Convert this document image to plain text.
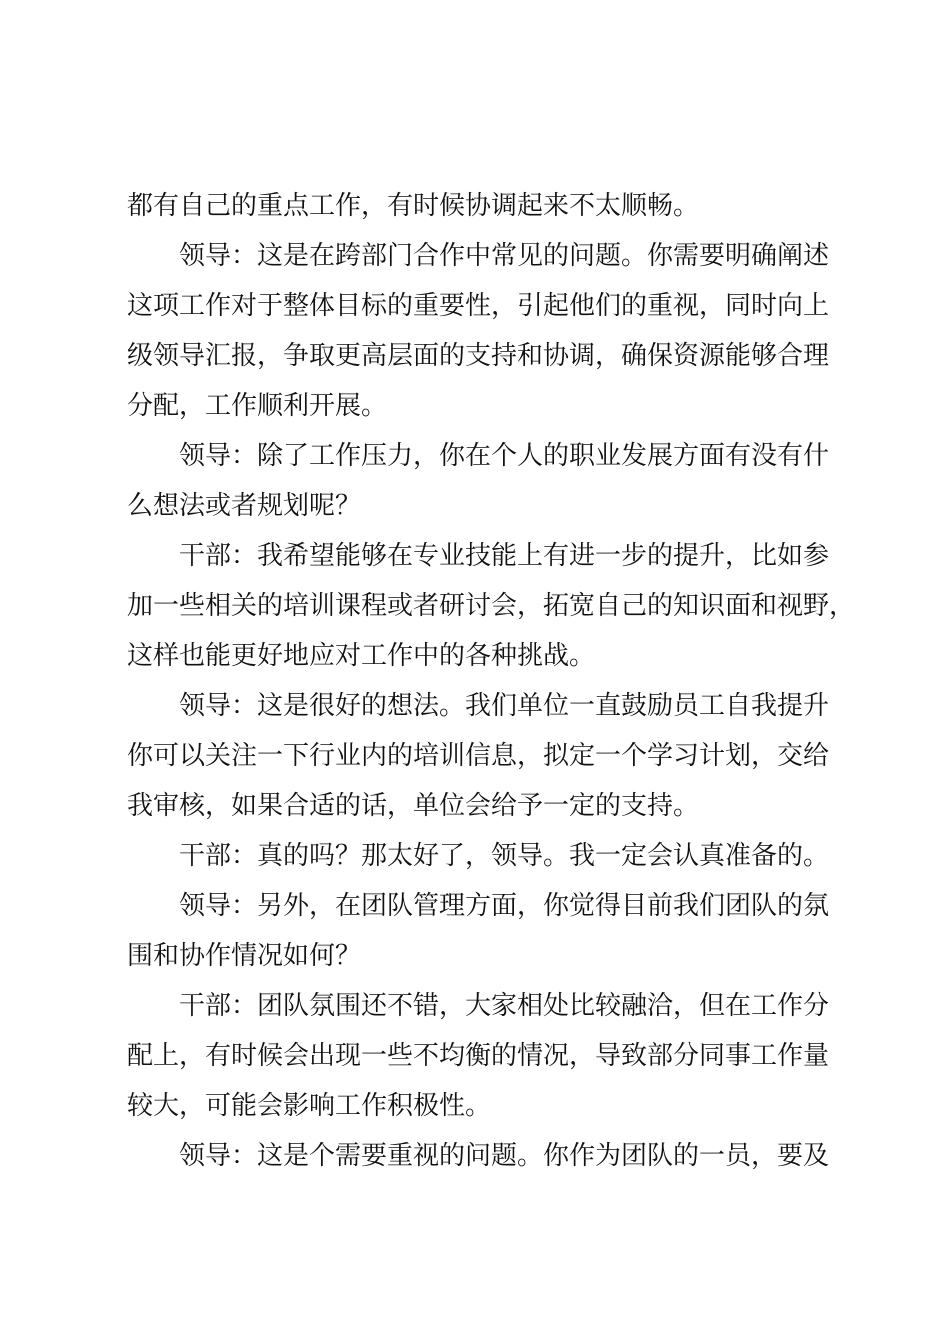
都有自己的重点工作，有时候协调起来不太顺畅。
领导：这是在跨部门合作中常见的问题。你需要明确阐述
这项工作对于整体目标的重要性，引起他们的重视，同时向上
级领导汇报，争取更高层面的支持和协调，确保资源能够合理
分配，工作顺利开展。
领导：除了工作压力，你在个人的职业发展方面有没有什
么想法或者规划呢？
干部：我希望能够在专业技能上有进一步的提升，比如参
加一些相关的培训课程或者研讨会，拓宽自己的知识面和视野，
这样也能更好地应对工作中的各种挑战。
领导：这是很好的想法。我们单位一直鼓励员工自我提升
你可以关注一下行业内的培训信息，拟定一个学习计划，交给
我审核，如果合适的话，单位会给予一定的支持。
干部：真的吗？那太好了，领导。我一定会认真准备的。
领导：另外，在团队管理方面，你觉得目前我们团队的氛
围和协作情况如何？
干部：团队氛围还不错，大家相处比较融洽，但在工作分
配上，有时候会出现一些不均衡的情况，导致部分同事工作量
较大，可能会影响工作积极性。
领导：这是个需要重视的问题。你作为团队的一员，要及
